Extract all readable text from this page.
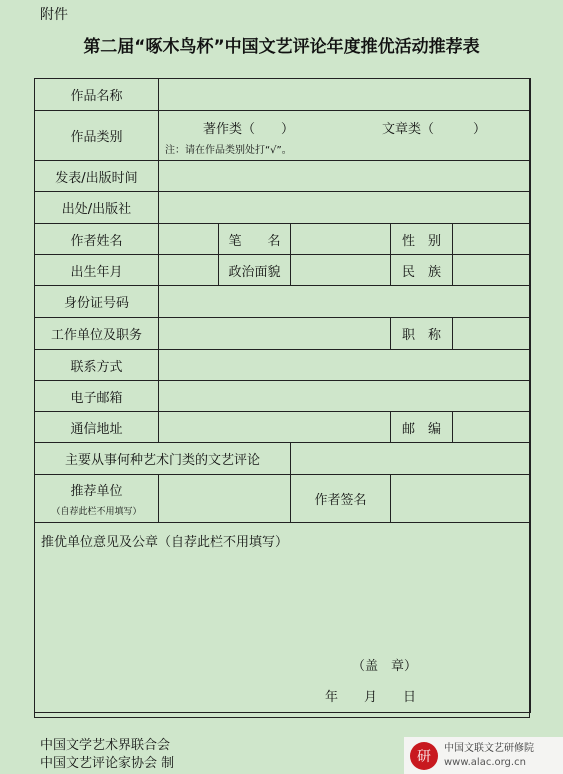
附件
第二届“啄木鸟杯”中国文艺评论年度推优活动推荐表
作品名称					
作品类别	著作类（　　） 文章类（　　　）
注：请在作品类别处打“√”。				

发表/出版时间					
出处/出版社					
作者姓名		笔　　名		性　别	
出生年月		政治面貌		民　族	
身份证号码					
工作单位及职务				职　称	
联系方式					
电子邮箱					
通信地址				邮　编	
主要从事何种艺术门类的文艺评论					

推荐单位
（自荐此栏不用填写）			作者签名		

推优单位意见及公章（自荐此栏不用填写）
（盖　章）
年　　月　　日					
中国文学艺术界联合会
中国文艺评论家协会 制	研
中国文联文艺研修院
www.alac.org.cn
